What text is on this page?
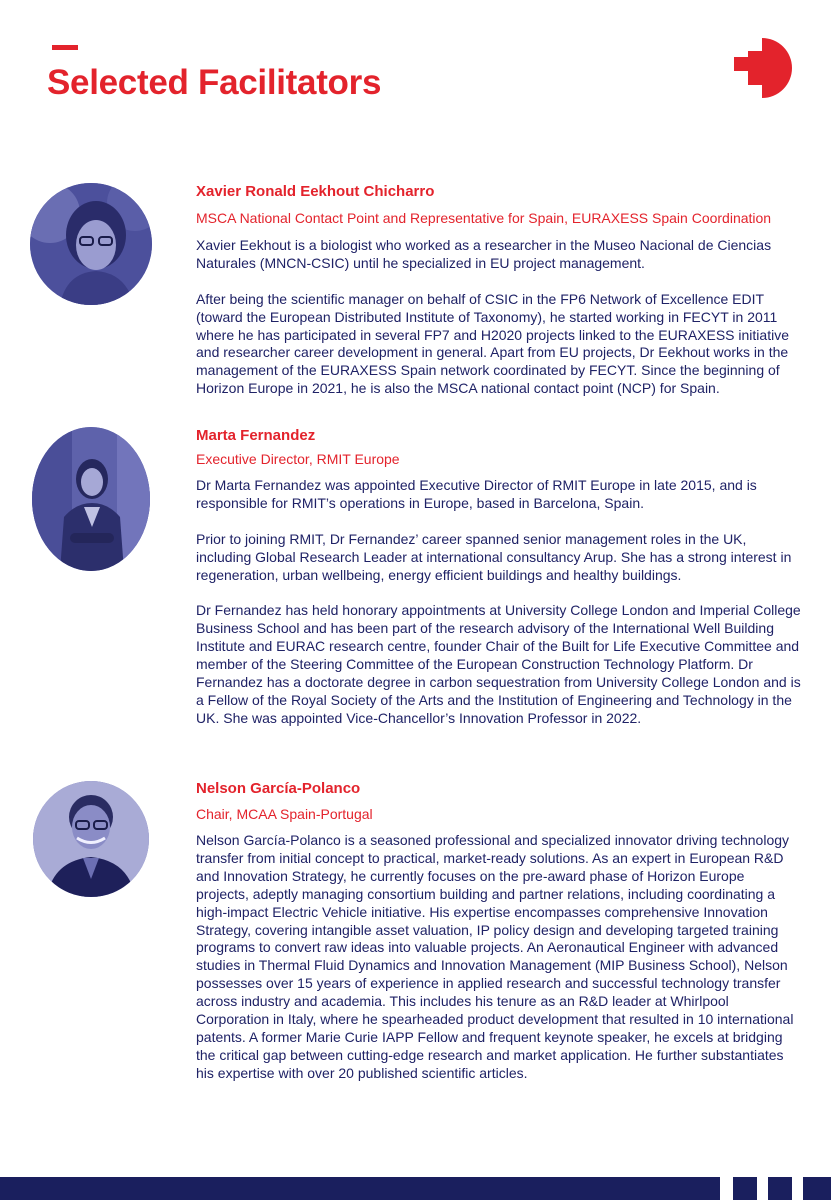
Selected Facilitators
Xavier Ronald Eekhout Chicharro
MSCA National Contact Point and Representative for Spain, EURAXESS Spain Coordination

Xavier Eekhout is a biologist who worked as a researcher in the Museo Nacional de Ciencias Naturales (MNCN-CSIC) until he specialized in EU project management.

After being the scientific manager on behalf of CSIC in the FP6 Network of Excellence EDIT (toward the European Distributed Institute of Taxonomy), he started working in FECYT in 2011 where he has participated in several FP7 and H2020 projects linked to the EURAXESS initiative and researcher career development in general. Apart from EU projects, Dr Eekhout works in the management of the EURAXESS Spain network coordinated by FECYT. Since the beginning of Horizon Europe in 2021, he is also the MSCA national contact point (NCP) for Spain.

Marta Fernandez
Executive Director, RMIT Europe

Dr Marta Fernandez was appointed Executive Director of RMIT Europe in late 2015, and is responsible for RMIT’s operations in Europe, based in Barcelona, Spain.

Prior to joining RMIT, Dr Fernandez’ career spanned senior management roles in the UK, including Global Research Leader at international consultancy Arup. She has a strong interest in regeneration, urban wellbeing, energy efficient buildings and healthy buildings.

Dr Fernandez has held honorary appointments at University College London and Imperial College Business School and has been part of the research advisory of the International Well Building Institute and EURAC research centre, founder Chair of the Built for Life Executive Committee and member of the Steering Committee of the European Construction Technology Platform. Dr Fernandez has a doctorate degree in carbon sequestration from University College London and is a Fellow of the Royal Society of the Arts and the Institution of Engineering and Technology in the UK. She was appointed Vice-Chancellor’s Innovation Professor in 2022.

Nelson García-Polanco
Chair, MCAA Spain-Portugal

Nelson García-Polanco is a seasoned professional and specialized innovator driving technology transfer from initial concept to practical, market-ready solutions. As an expert in European R&D and Innovation Strategy, he currently focuses on the pre-award phase of Horizon Europe projects, adeptly managing consortium building and partner relations, including coordinating a high-impact Electric Vehicle initiative. His expertise encompasses comprehensive Innovation Strategy, covering intangible asset valuation, IP policy design and developing targeted training programs to convert raw ideas into valuable projects. An Aeronautical Engineer with advanced studies in Thermal Fluid Dynamics and Innovation Management (MIP Business School), Nelson possesses over 15 years of experience in applied research and successful technology transfer across industry and academia. This includes his tenure as an R&D leader at Whirlpool Corporation in Italy, where he spearheaded product development that resulted in 10 international patents. A former Marie Curie IAPP Fellow and frequent keynote speaker, he excels at bridging the critical gap between cutting-edge research and market application. He further substantiates his expertise with over 20 published scientific articles.
